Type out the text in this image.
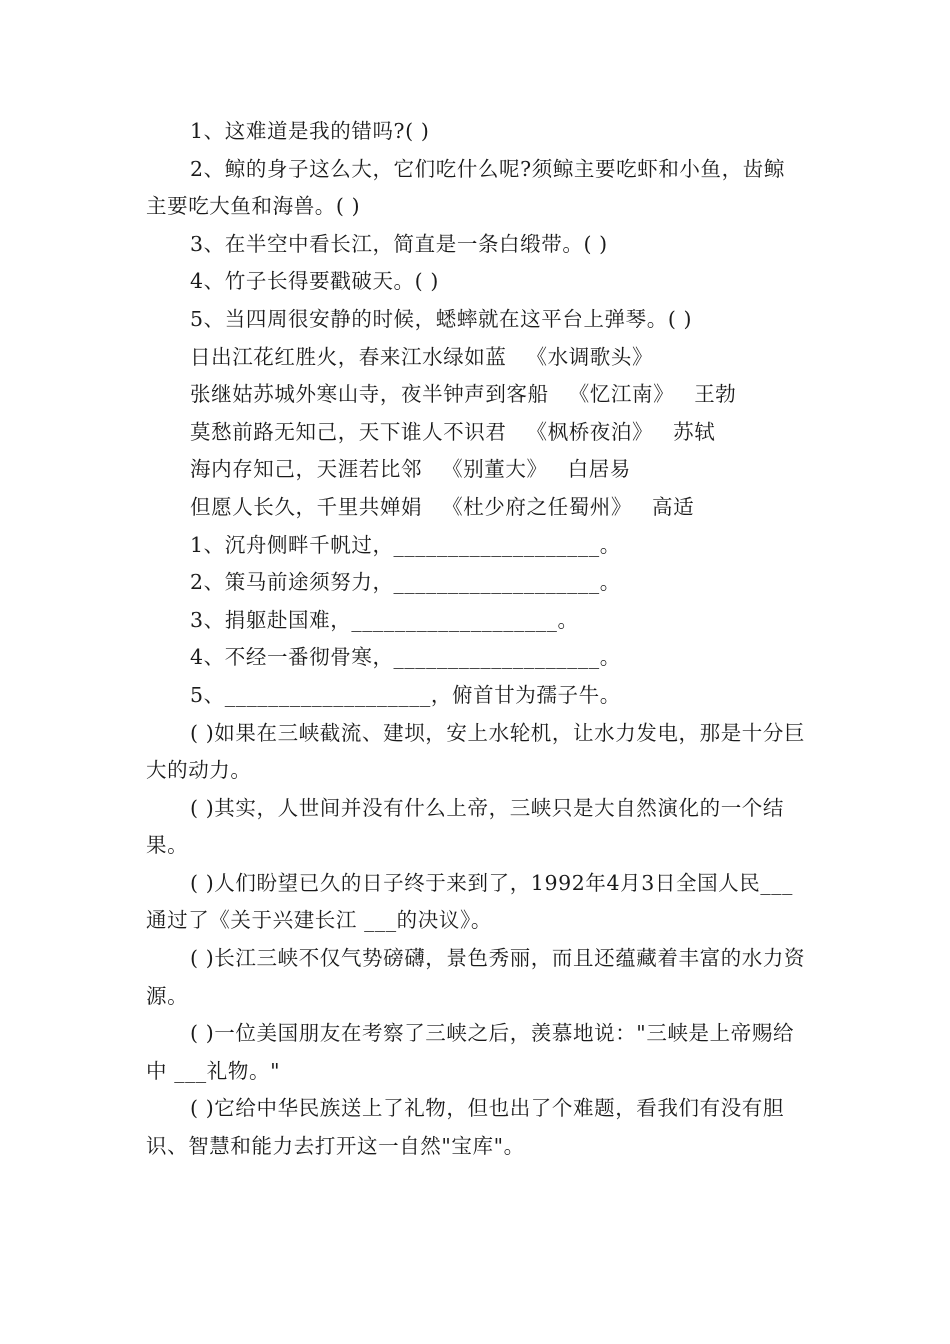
1、这难道是我的错吗?( )
2、鲸的身子这么大，它们吃什么呢?须鲸主要吃虾和小鱼，齿鲸主要吃大鱼和海兽。( )
3、在半空中看长江，简直是一条白缎带。( )
4、竹子长得要戳破天。( )
5、当四周很安静的时候，蟋蟀就在这平台上弹琴。( )
日出江花红胜火，春来江水绿如蓝 《水调歌头》
张继姑苏城外寒山寺，夜半钟声到客船 《忆江南》 王勃
莫愁前路无知己，天下谁人不识君 《枫桥夜泊》 苏轼
海内存知己，天涯若比邻 《别董大》 白居易
但愿人长久，千里共婵娟 《杜少府之任蜀州》 高适
1、沉舟侧畔千帆过，___________________。
2、策马前途须努力，___________________。
3、捐躯赴国难，___________________。
4、不经一番彻骨寒，___________________。
5、___________________，俯首甘为孺子牛。
( )如果在三峡截流、建坝，安上水轮机，让水力发电，那是十分巨大的动力。
( )其实，人世间并没有什么上帝，三峡只是大自然演化的一个结果。
( )人们盼望已久的日子终于来到了，1992年4月3日全国人民___通过了《关于兴建长江 ___的决议》。
( )长江三峡不仅气势磅礴，景色秀丽，而且还蕴藏着丰富的水力资源。
( )一位美国朋友在考察了三峡之后，羡慕地说："三峡是上帝赐给中 ___礼物。"
( )它给中华民族送上了礼物，但也出了个难题，看我们有没有胆识、智慧和能力去打开这一自然"宝库"。
